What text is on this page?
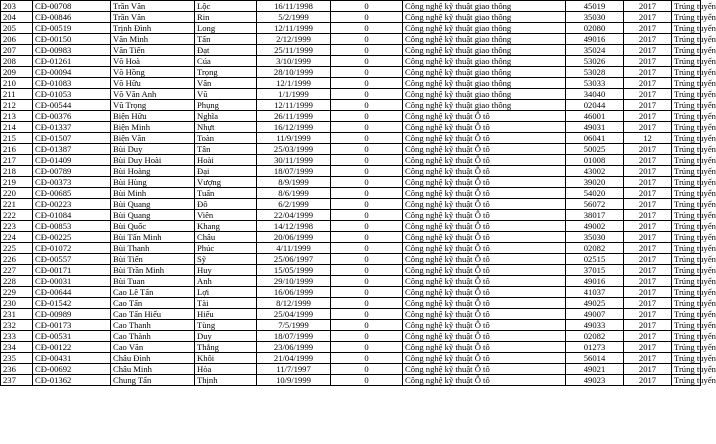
203	CĐ-00708	Trần Văn	Lộc	16/11/1998	0	Công nghệ kỹ thuật giao thông	45019	2017	Trúng tuyển
204	CĐ-00846	Trần Văn	Rin	5/2/1999	0	Công nghệ kỹ thuật giao thông	35030	2017	Trúng tuyển
205	CĐ-00519	Trịnh Đình	Long	12/11/1999	0	Công nghệ kỹ thuật giao thông	02080	2017	Trúng tuyển
206	CĐ-00150	Văn Minh	Tấn	2/12/1999	0	Công nghệ kỹ thuật giao thông	49016	2017	Trúng tuyển
207	CĐ-00983	Văn Tiến	Đạt	25/11/1999	0	Công nghệ kỹ thuật giao thông	35024	2017	Trúng tuyển
208	CĐ-01261	Võ Hoà	Cúa	3/10/1999	0	Công nghệ kỹ thuật giao thông	53026	2017	Trúng tuyển
209	CĐ-00094	Võ Hồng	Trọng	28/10/1999	0	Công nghệ kỹ thuật giao thông	53028	2017	Trúng tuyển
210	CĐ-01083	Võ Hữu	Vân	12/1/1999	0	Công nghệ kỹ thuật giao thông	53033	2017	Trúng tuyển
211	CĐ-01053	Võ Văn Anh	Vũ	1/1/1999	0	Công nghệ kỹ thuật giao thông	34040	2017	Trúng tuyển
212	CĐ-00544	Vũ Trọng	Phụng	12/11/1999	0	Công nghệ kỹ thuật giao thông	02044	2017	Trúng tuyển
213	CĐ-00376	Biện Hữu	Nghĩa	26/11/1999	0	Công nghệ kỹ thuật Ô tô	46001	2017	Trúng tuyển
214	CĐ-01337	Biện Minh	Nhựt	16/12/1999	0	Công nghệ kỹ thuật Ô tô	49031	2017	Trúng tuyển
215	CĐ-01507	Biện Văn	Toàn	11/9/1999	0	Công nghệ kỹ thuật Ô tô	06041	12	Trúng tuyển
216	CĐ-01387	Bùi Duy	Tân	25/03/1999	0	Công nghệ kỹ thuật Ô tô	50025	2017	Trúng tuyển
217	CĐ-01409	Bùi Duy Hoài	Hoài	30/11/1999	0	Công nghệ kỹ thuật Ô tô	01008	2017	Trúng tuyển
218	CĐ-00789	Bùi Hoàng	Đại	18/07/1999	0	Công nghệ kỹ thuật Ô tô	43002	2017	Trúng tuyển
219	CĐ-00373	Bùi Hùng	Vượng	8/9/1999	0	Công nghệ kỹ thuật Ô tô	39020	2017	Trúng tuyển
220	CĐ-00685	Bùi Minh	Tuấn	8/6/1999	0	Công nghệ kỹ thuật Ô tô	54020	2017	Trúng tuyển
221	CĐ-00223	Bùi Quang	Đô	6/2/1999	0	Công nghệ kỹ thuật Ô tô	56072	2017	Trúng tuyển
222	CĐ-01084	Bùi Quang	Viên	22/04/1999	0	Công nghệ kỹ thuật Ô tô	38017	2017	Trúng tuyển
223	CĐ-00853	Bùi Quốc	Khang	14/12/1998	0	Công nghệ kỹ thuật Ô tô	49002	2017	Trúng tuyển
224	CĐ-00225	Bùi Tấn Minh	Châu	20/06/1999	0	Công nghệ kỹ thuật Ô tô	35030	2017	Trúng tuyển
225	CĐ-01072	Bùi Thanh	Phúc	4/11/1999	0	Công nghệ kỹ thuật Ô tô	02082	2017	Trúng tuyển
226	CĐ-00557	Bùi Tiến	Sỹ	25/06/1997	0	Công nghệ kỹ thuật Ô tô	02515	2017	Trúng tuyển
227	CĐ-00171	Bùi Trần Minh	Huy	15/05/1999	0	Công nghệ kỹ thuật Ô tô	37015	2017	Trúng tuyển
228	CĐ-00031	Bùi Tuan	Anh	29/10/1999	0	Công nghệ kỹ thuật Ô tô	49016	2017	Trúng tuyển
229	CĐ-00644	Cao Lê Tấn	Lợi	16/06/1999	0	Công nghệ kỹ thuật Ô tô	41037	2017	Trúng tuyển
230	CĐ-01542	Cao Tấn	Tài	8/12/1999	0	Công nghệ kỹ thuật Ô tô	49025	2017	Trúng tuyển
231	CĐ-00989	Cao Tấn Hiếu	Hiếu	25/04/1999	0	Công nghệ kỹ thuật Ô tô	49007	2017	Trúng tuyển
232	CĐ-00173	Cao Thanh	Tùng	7/5/1999	0	Công nghệ kỹ thuật Ô tô	49033	2017	Trúng tuyển
233	CĐ-00531	Cao Thành	Duy	18/07/1999	0	Công nghệ kỹ thuật Ô tô	02082	2017	Trúng tuyển
234	CĐ-00122	Cao Văn	Thắng	23/06/1999	0	Công nghệ kỹ thuật Ô tô	01273	2017	Trúng tuyển
235	CĐ-00431	Châu Đình	Khôi	21/04/1999	0	Công nghệ kỹ thuật Ô tô	56014	2017	Trúng tuyển
236	CĐ-00692	Châu Minh	Hòa	11/7/1997	0	Công nghệ kỹ thuật Ô tô	49021	2017	Trúng tuyển
237	CĐ-01362	Chung Tấn	Thịnh	10/9/1999	0	Công nghệ kỹ thuật Ô tô	49023	2017	Trúng tuyển
